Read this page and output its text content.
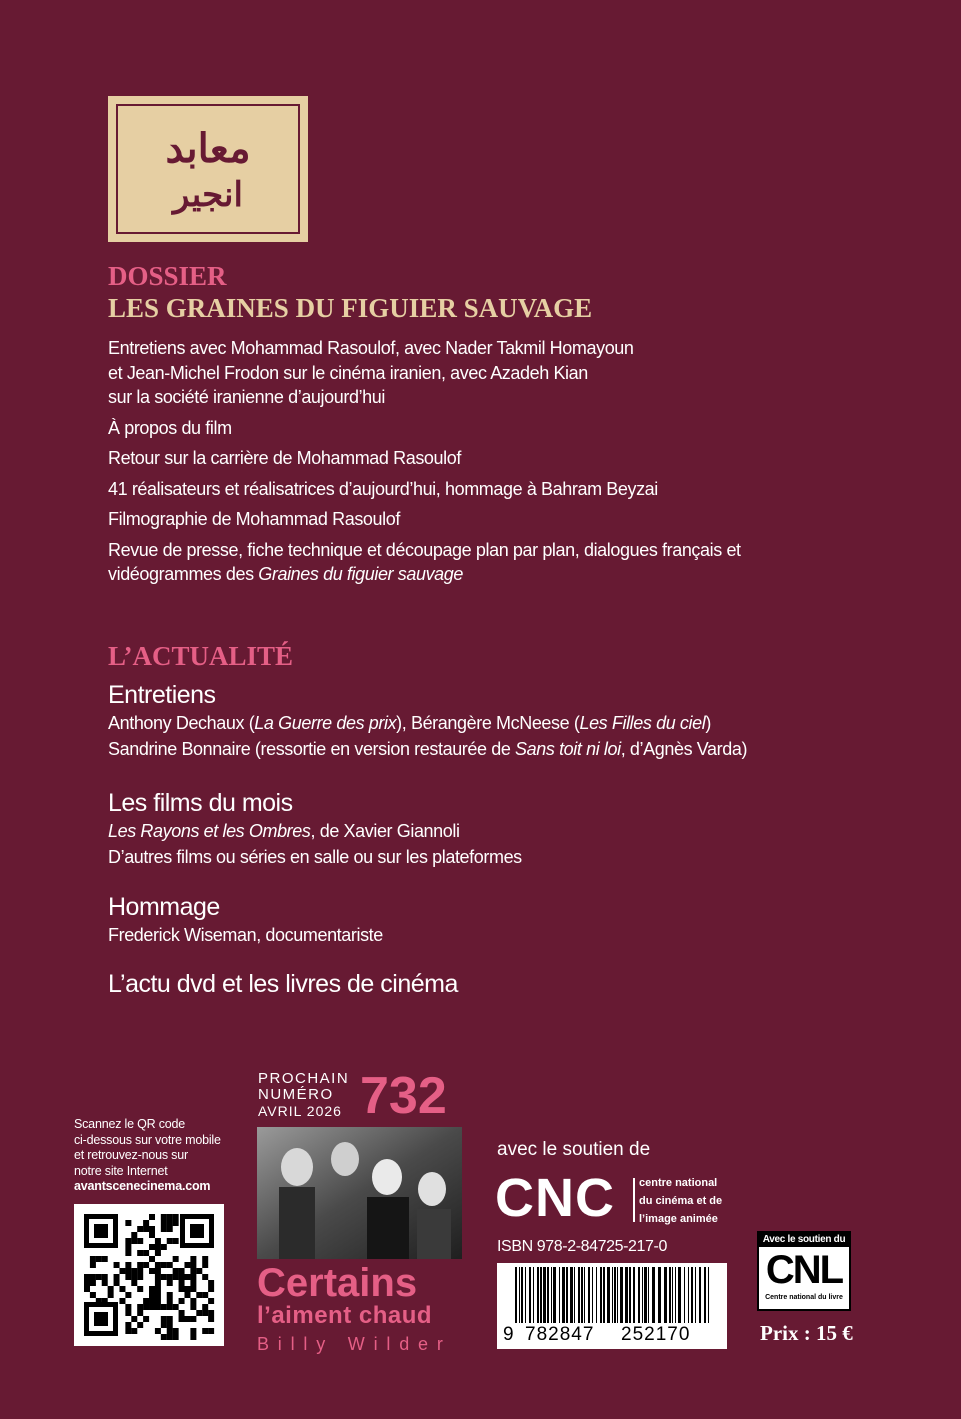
معابد
انجیر
DOSSIER
LES GRAINES DU FIGUIER SAUVAGE

Entretiens avec Mohammad Rasoulof, avec Nader Takmil Homayoun
et Jean-Michel Frodon sur le cinéma iranien, avec Azadeh Kian
sur la société iranienne d’aujourd’hui

À propos du film

Retour sur la carrière de Mohammad Rasoulof

41 réalisateurs et réalisatrices d’aujourd’hui, hommage à Bahram Beyzai

Filmographie de Mohammad Rasoulof

Revue de presse, fiche technique et découpage plan par plan, dialogues français et
vidéogrammes des Graines du figuier sauvage

L’ACTUALITÉ

Entretiens

Anthony Dechaux (La Guerre des prix), Bérangère McNeese (Les Filles du ciel)

Sandrine Bonnaire (ressortie en version restaurée de Sans toit ni loi, d’Agnès Varda)

Les films du mois

Les Rayons et les Ombres, de Xavier Giannoli

D’autres films ou séries en salle ou sur les plateformes

Hommage

Frederick Wiseman, documentariste

L’actu dvd et les livres de cinéma
Scannez le QR code
ci-dessous sur votre mobile
et retrouvez-nous sur
notre site Internet
avantscenecinema.com
PROCHAIN
NUMÉRO
AVRIL 2026 732
Certains
l’aiment chaud
Billy Wilder
avec le soutien de
CNC centre national
du cinéma et de
l’image animée
ISBN 978-2-84725-217-0
9 782847 252170
Avec le soutien du
CNL
Centre national du livre
Prix : 15 €
